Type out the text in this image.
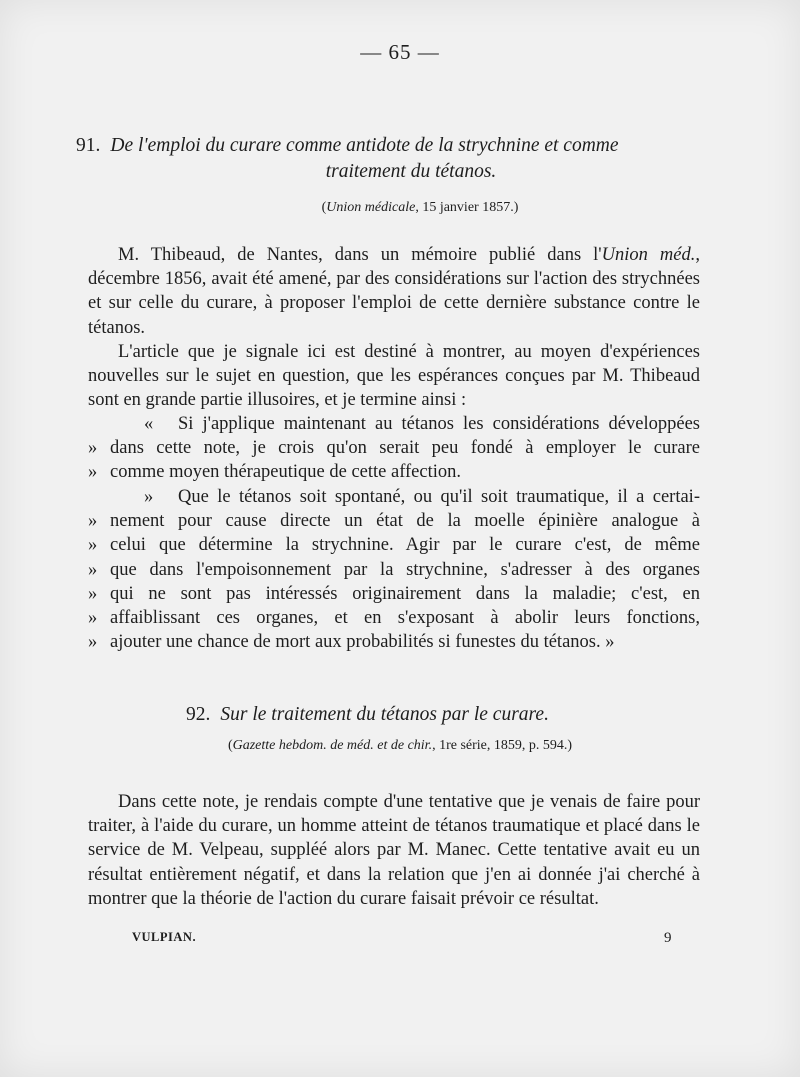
— 65 —
91. De l'emploi du curare comme antidote de la strychnine et comme
traitement du tétanos.
(Union médicale, 15 janvier 1857.)

M. Thibeaud, de Nantes, dans un mémoire publié dans l'Union méd., décembre 1856, avait été amené, par des considérations sur l'action des strychnées et sur celle du curare, à proposer l'emploi de cette dernière substance contre le tétanos.

L'article que je signale ici est destiné à montrer, au moyen d'expériences nouvelles sur le sujet en question, que les espérances conçues par M. Thibeaud sont en grande partie illusoires, et je termine ainsi :

«	Si j'applique maintenant au tétanos les considérations développées
» dans cette note, je crois qu'on serait peu fondé à employer le curare
» comme moyen thérapeutique de cette affection.
»	Que le tétanos soit spontané, ou qu'il soit traumatique, il a certai-
» nement pour cause directe un état de la moelle épinière analogue à
» celui que détermine la strychnine. Agir par le curare c'est, de même
» que dans l'empoisonnement par la strychnine, s'adresser à des organes
» qui ne sont pas intéressés originairement dans la maladie; c'est, en
» affaiblissant ces organes, et en s'exposant à abolir leurs fonctions,
» ajouter une chance de mort aux probabilités si funestes du tétanos. »
92. Sur le traitement du tétanos par le curare.
(Gazette hebdom. de méd. et de chir., 1re série, 1859, p. 594.)

Dans cette note, je rendais compte d'une tentative que je venais de faire pour traiter, à l'aide du curare, un homme atteint de tétanos traumatique et placé dans le service de M. Velpeau, suppléé alors par M. Manec. Cette tentative avait eu un résultat entièrement négatif, et dans la relation que j'en ai donnée j'ai cherché à montrer que la théorie de l'action du curare faisait prévoir ce résultat.

VULPIAN.	9
